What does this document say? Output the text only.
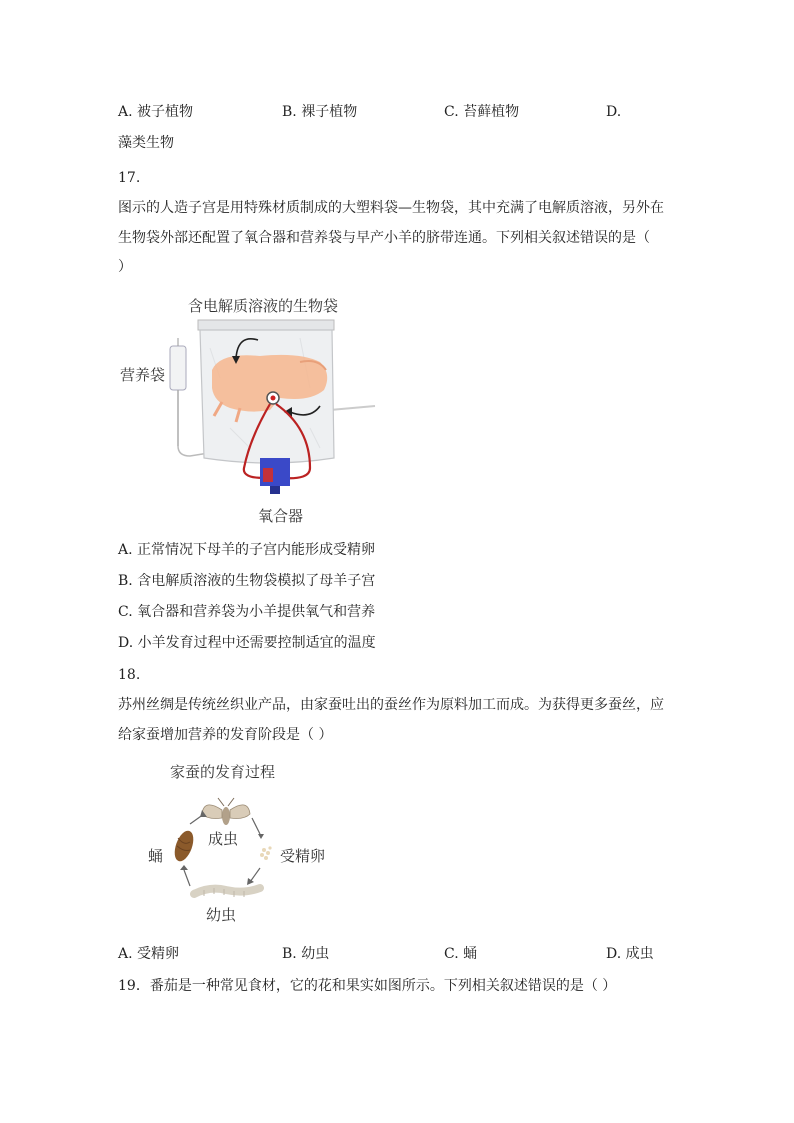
A. 被子植物	B. 裸子植物	C. 苔藓植物	D.
藻类生物
17.
图示的人造子宫是用特殊材质制成的大塑料袋—生物袋，其中充满了电解质溶液，另外在
生物袋外部还配置了氧合器和营养袋与早产小羊的脐带连通。下列相关叙述错误的是（
）
含电解质溶液的生物袋
营养袋
氧合器
A. 正常情况下母羊的子宫内能形成受精卵
B. 含电解质溶液的生物袋模拟了母羊子宫
C. 氧合器和营养袋为小羊提供氧气和营养
D. 小羊发育过程中还需要控制适宜的温度
18.
苏州丝绸是传统丝织业产品，由家蚕吐出的蚕丝作为原料加工而成。为获得更多蚕丝，应
给家蚕增加营养的发育阶段是（ ）
家蚕的发育过程
成虫
受精卵
幼虫
蛹
A. 受精卵	B. 幼虫	C. 蛹	D. 成虫
19．番茄是一种常见食材，它的花和果实如图所示。下列相关叙述错误的是（ ）
